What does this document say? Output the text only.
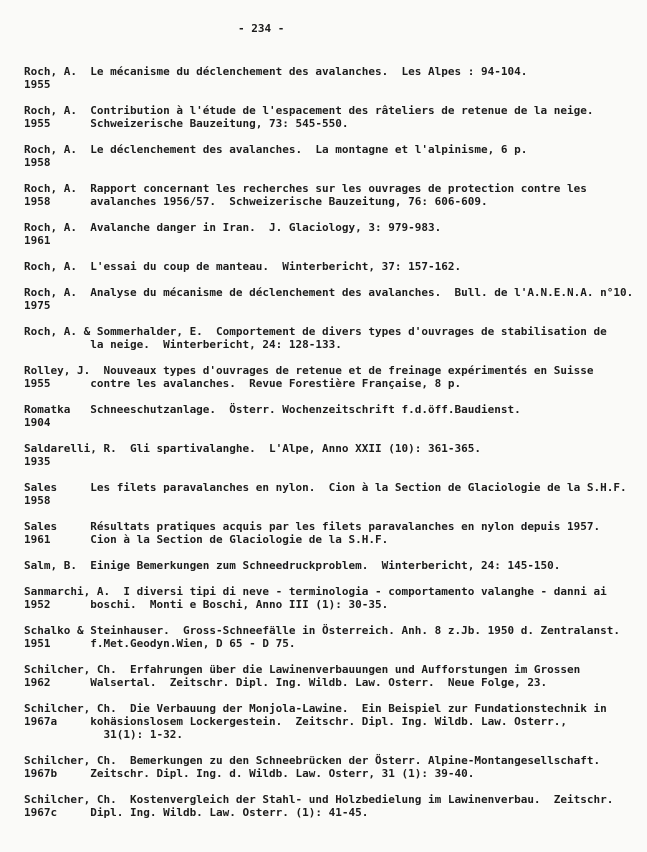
- 234 -
Roch, A.  Le mécanisme du déclenchement des avalanches.  Les Alpes : 94-104.
1955
Roch, A.  Contribution à l'étude de l'espacement des râteliers de retenue de la neige.
1955      Schweizerische Bauzeitung, 73: 545-550.
Roch, A.  Le déclenchement des avalanches.  La montagne et l'alpinisme, 6 p.
1958
Roch, A.  Rapport concernant les recherches sur les ouvrages de protection contre les
1958      avalanches 1956/57.  Schweizerische Bauzeitung, 76: 606-609.
Roch, A.  Avalanche danger in Iran.  J. Glaciology, 3: 979-983.
1961
Roch, A.  L'essai du coup de manteau.  Winterbericht, 37: 157-162.
Roch, A.  Analyse du mécanisme de déclenchement des avalanches.  Bull. de l'A.N.E.N.A. n°10.
1975
Roch, A. & Sommerhalder, E.  Comportement de divers types d'ouvrages de stabilisation de
la neige.  Winterbericht, 24: 128-133.
Rolley, J.  Nouveaux types d'ouvrages de retenue et de freinage expérimentés en Suisse
1955      contre les avalanches.  Revue Forestière Française, 8 p.
Romatka   Schneeschutzanlage.  Österr. Wochenzeitschrift f.d.öff.Baudienst.
1904
Saldarelli, R.  Gli spartivalanghe.  L'Alpe, Anno XXII (10): 361-365.
1935
Sales     Les filets paravalanches en nylon.  Cion à la Section de Glaciologie de la S.H.F.
1958
Sales     Résultats pratiques acquis par les filets paravalanches en nylon depuis 1957.
1961      Cion à la Section de Glaciologie de la S.H.F.
Salm, B.  Einige Bemerkungen zum Schneedruckproblem.  Winterbericht, 24: 145-150.
Sanmarchi, A.  I diversi tipi di neve - terminologia - comportamento valanghe - danni ai
1952      boschi.  Monti e Boschi, Anno III (1): 30-35.
Schalko & Steinhauser.  Gross-Schneefälle in Österreich. Anh. 8 z.Jb. 1950 d. Zentralanst.
1951      f.Met.Geodyn.Wien, D 65 - D 75.
Schilcher, Ch.  Erfahrungen über die Lawinenverbauungen und Aufforstungen im Grossen
1962      Walsertal.  Zeitschr. Dipl. Ing. Wildb. Law. Osterr.  Neue Folge, 23.
Schilcher, Ch.  Die Verbauung der Monjola-Lawine.  Ein Beispiel zur Fundationstechnik in
1967a     kohäsionslosem Lockergestein.  Zeitschr. Dipl. Ing. Wildb. Law. Osterr.,
31(1): 1-32.
Schilcher, Ch.  Bemerkungen zu den Schneebrücken der Österr. Alpine-Montangesellschaft.
1967b     Zeitschr. Dipl. Ing. d. Wildb. Law. Osterr, 31 (1): 39-40.
Schilcher, Ch.  Kostenvergleich der Stahl- und Holzbedielung im Lawinenverbau.  Zeitschr.
1967c     Dipl. Ing. Wildb. Law. Osterr. (1): 41-45.
